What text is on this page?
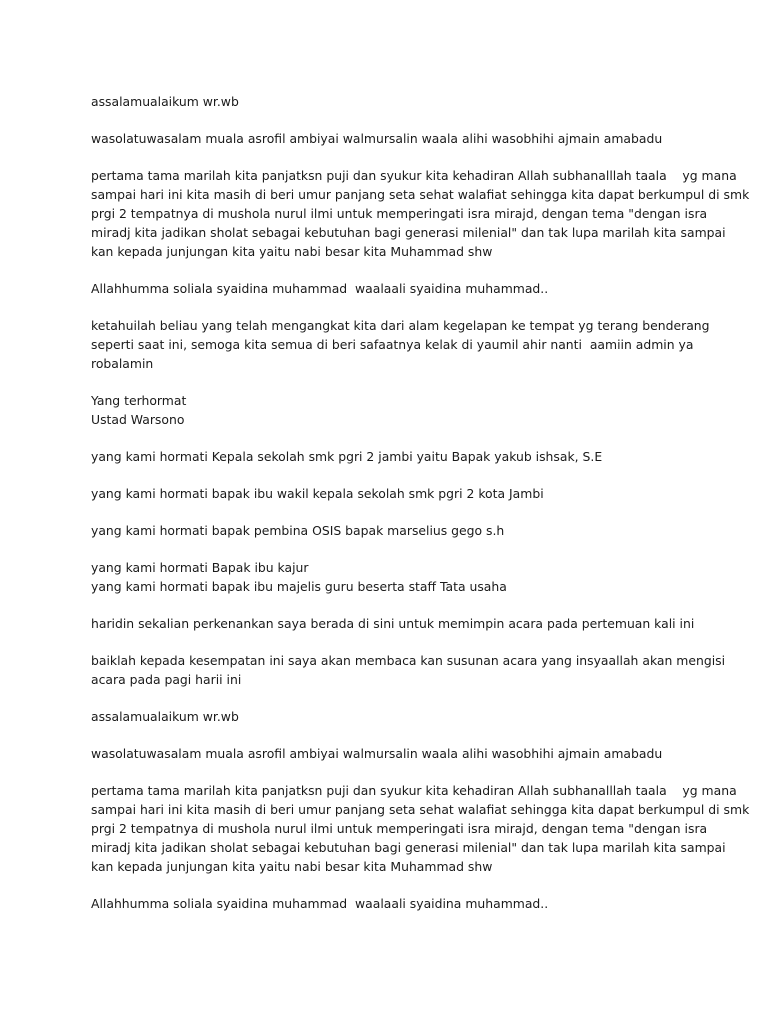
assalamualaikum wr.wb
wasolatuwasalam muala asrofil ambiyai walmursalin waala alihi wasobhihi ajmain amabadu
pertama tama marilah kita panjatksn puji dan syukur kita kehadiran Allah subhanalllah taala    yg mana
sampai hari ini kita masih di beri umur panjang seta sehat walafiat sehingga kita dapat berkumpul di smk
prgi 2 tempatnya di mushola nurul ilmi untuk memperingati isra mirajd, dengan tema "dengan isra
miradj kita jadikan sholat sebagai kebutuhan bagi generasi milenial" dan tak lupa marilah kita sampai
kan kepada junjungan kita yaitu nabi besar kita Muhammad shw
Allahhumma soliala syaidina muhammad  waalaali syaidina muhammad..
ketahuilah beliau yang telah mengangkat kita dari alam kegelapan ke tempat yg terang benderang
seperti saat ini, semoga kita semua di beri safaatnya kelak di yaumil ahir nanti  aamiin admin ya
robalamin
Yang terhormat
Ustad Warsono
yang kami hormati Kepala sekolah smk pgri 2 jambi yaitu Bapak yakub ishsak, S.E
yang kami hormati bapak ibu wakil kepala sekolah smk pgri 2 kota Jambi
yang kami hormati bapak pembina OSIS bapak marselius gego s.h
yang kami hormati Bapak ibu kajur
yang kami hormati bapak ibu majelis guru beserta staff Tata usaha
haridin sekalian perkenankan saya berada di sini untuk memimpin acara pada pertemuan kali ini
baiklah kepada kesempatan ini saya akan membaca kan susunan acara yang insyaallah akan mengisi
acara pada pagi harii ini
assalamualaikum wr.wb
wasolatuwasalam muala asrofil ambiyai walmursalin waala alihi wasobhihi ajmain amabadu
pertama tama marilah kita panjatksn puji dan syukur kita kehadiran Allah subhanalllah taala    yg mana
sampai hari ini kita masih di beri umur panjang seta sehat walafiat sehingga kita dapat berkumpul di smk
prgi 2 tempatnya di mushola nurul ilmi untuk memperingati isra mirajd, dengan tema "dengan isra
miradj kita jadikan sholat sebagai kebutuhan bagi generasi milenial" dan tak lupa marilah kita sampai
kan kepada junjungan kita yaitu nabi besar kita Muhammad shw
Allahhumma soliala syaidina muhammad  waalaali syaidina muhammad..
